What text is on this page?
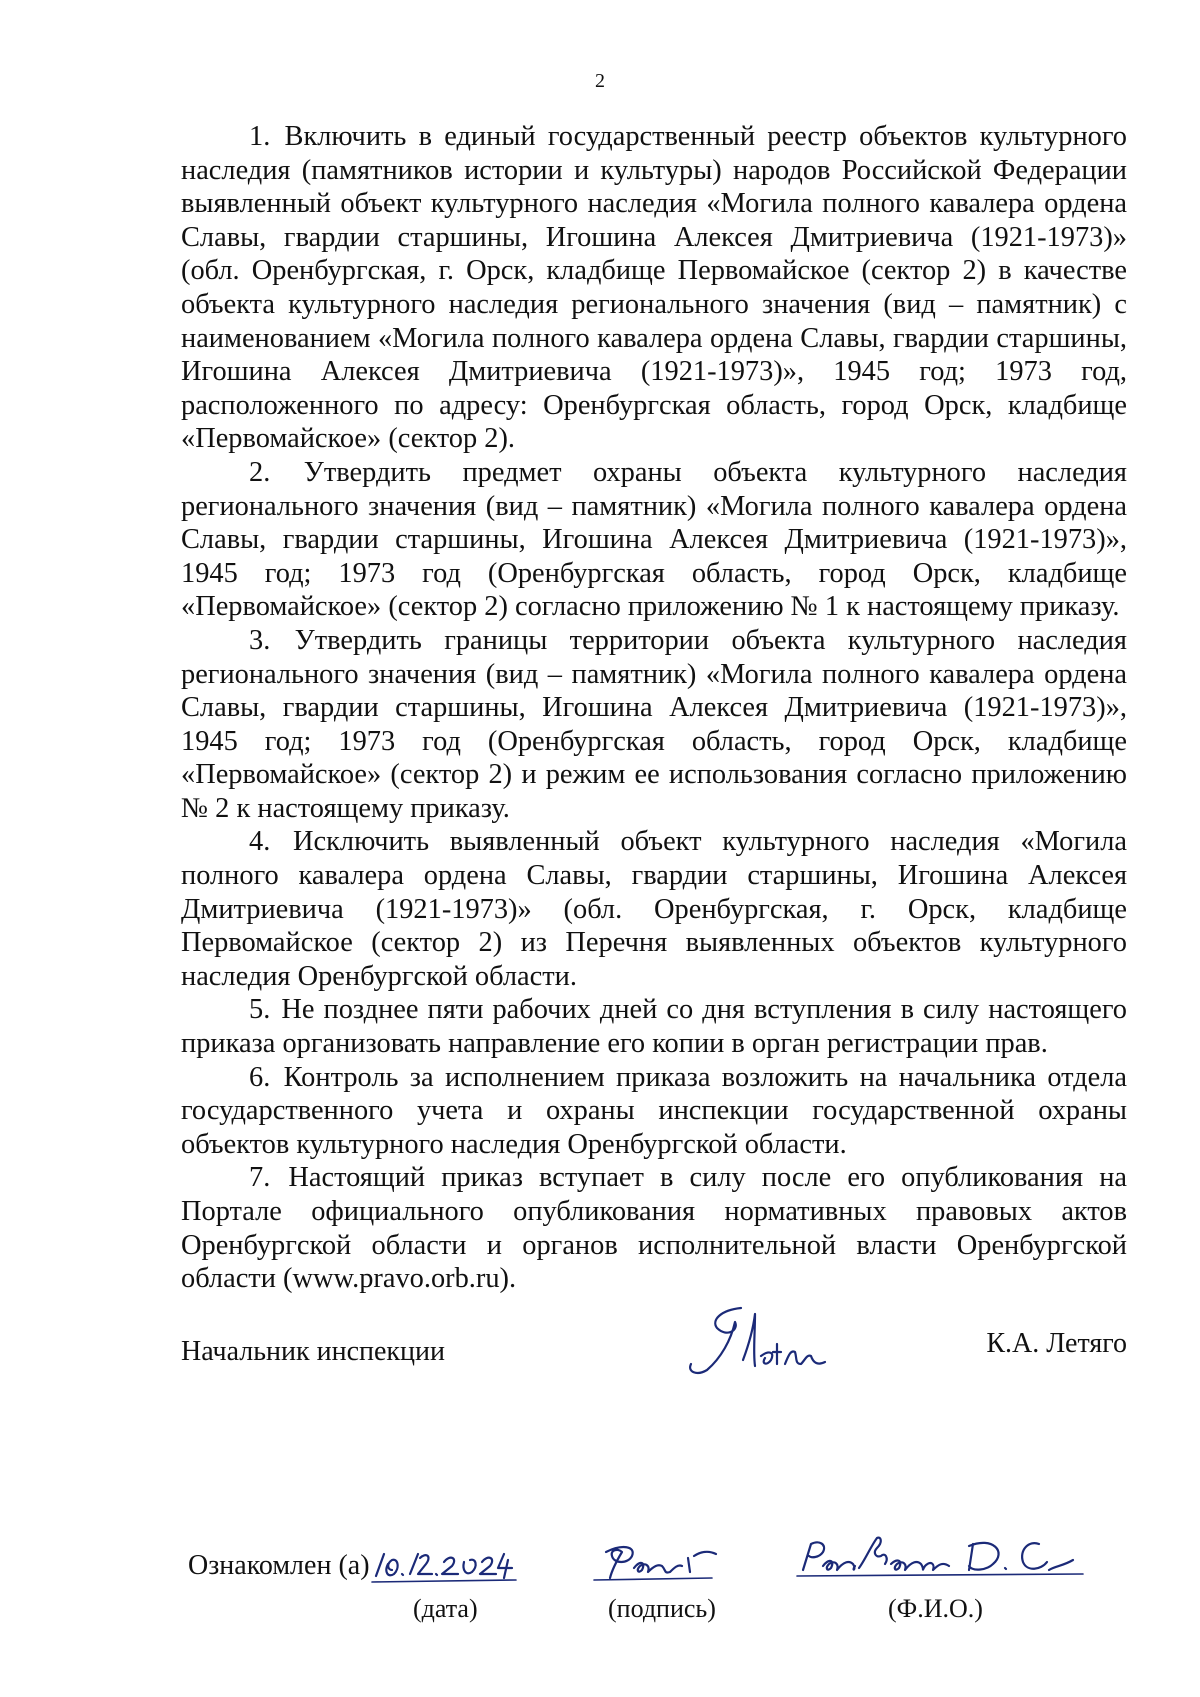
2

1. Включить в единый государственный реестр объектов культурного наследия (памятников истории и культуры) народов Российской Федерации выявленный объект культурного наследия «Могила полного кавалера ордена Славы, гвардии старшины, Игошина Алексея Дмитриевича (1921-1973)» (обл. Оренбургская, г. Орск, кладбище Первомайское (сектор 2) в качестве объекта культурного наследия регионального значения (вид – памятник) с наименованием «Могила полного кавалера ордена Славы, гвардии старшины, Игошина Алексея Дмитриевича (1921-1973)», 1945 год; 1973 год, расположенного по адресу: Оренбургская область, город Орск, кладбище «Первомайское» (сектор 2).

2. Утвердить предмет охраны объекта культурного наследия регионального значения (вид – памятник) «Могила полного кавалера ордена Славы, гвардии старшины, Игошина Алексея Дмитриевича (1921-1973)», 1945 год; 1973 год (Оренбургская область, город Орск, кладбище «Первомайское» (сектор 2) согласно приложению № 1 к настоящему приказу.

3. Утвердить границы территории объекта культурного наследия регионального значения (вид – памятник) «Могила полного кавалера ордена Славы, гвардии старшины, Игошина Алексея Дмитриевича (1921-1973)», 1945 год; 1973 год (Оренбургская область, город Орск, кладбище «Первомайское» (сектор 2) и режим ее использования согласно приложению № 2 к настоящему приказу.

4. Исключить выявленный объект культурного наследия «Могила полного кавалера ордена Славы, гвардии старшины, Игошина Алексея Дмитриевича (1921-1973)» (обл. Оренбургская, г. Орск, кладбище Первомайское (сектор 2) из Перечня выявленных объектов культурного наследия Оренбургской области.

5. Не позднее пяти рабочих дней со дня вступления в силу настоящего приказа организовать направление его копии в орган регистрации прав.

6. Контроль за исполнением приказа возложить на начальника отдела государственного учета и охраны инспекции государственной охраны объектов культурного наследия Оренбургской области.

7. Настоящий приказ вступает в силу после его опубликования на Портале официального опубликования нормативных правовых актов Оренбургской области и органов исполнительной власти Оренбургской области (www.pravo.orb.ru).

Начальник инспекции	К.А. Летяго
Ознакомлен (а)
(дата)	(подпись)	(Ф.И.О.)
